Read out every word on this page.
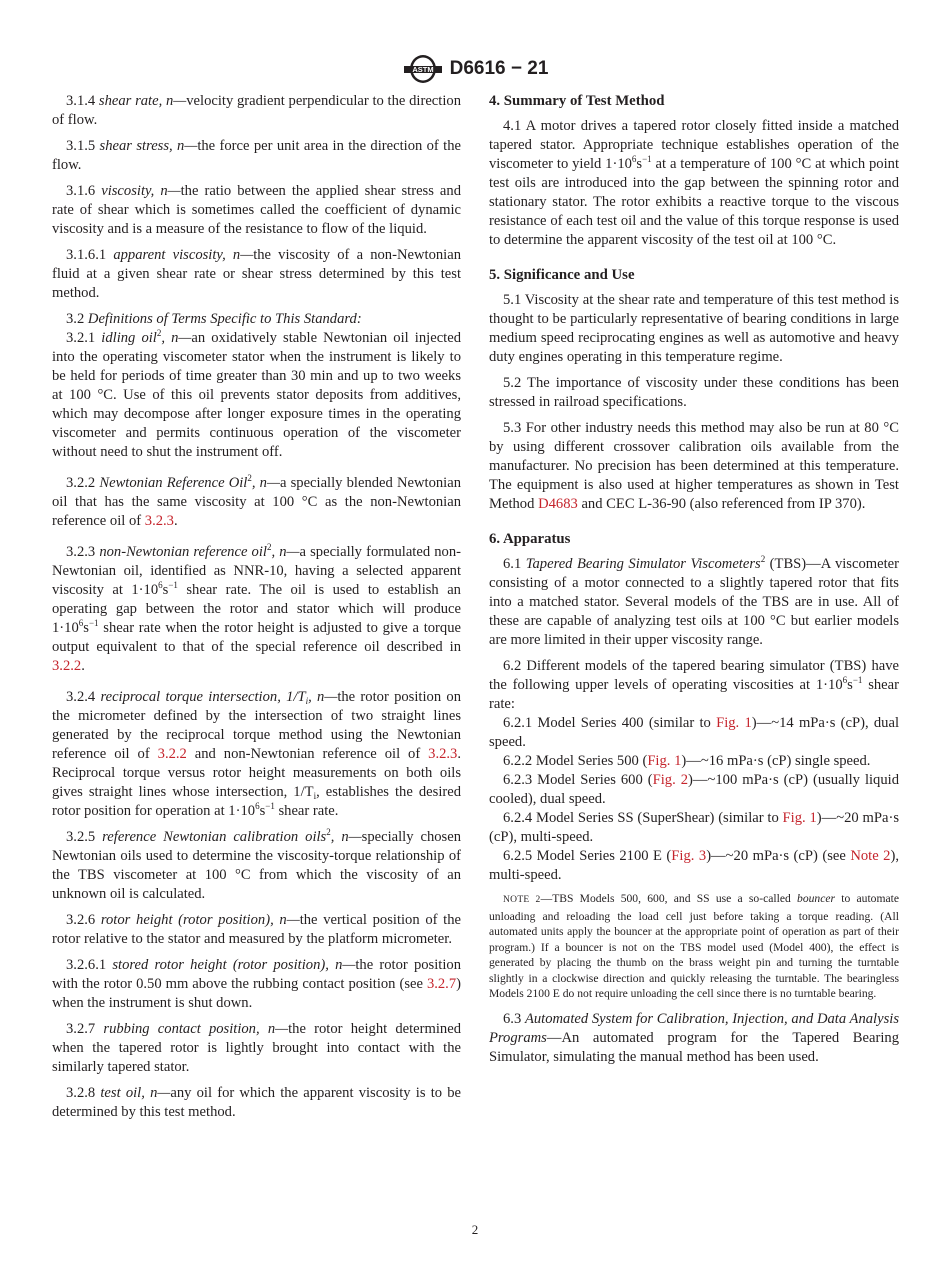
ASTM D6616 − 21

3.1.4 shear rate, n—velocity gradient perpendicular to the direction of flow.

3.1.5 shear stress, n—the force per unit area in the direction of the flow.

3.1.6 viscosity, n—the ratio between the applied shear stress and rate of shear which is sometimes called the coefficient of dynamic viscosity and is a measure of the resistance to flow of the liquid.

3.1.6.1 apparent viscosity, n—the viscosity of a non-Newtonian fluid at a given shear rate or shear stress determined by this test method.

3.2 Definitions of Terms Specific to This Standard:

3.2.1 idling oil$^2$, n—an oxidatively stable Newtonian oil injected into the operating viscometer stator when the instrument is likely to be held for periods of time greater than 30 min and up to two weeks at 100 °C. Use of this oil prevents stator deposits from additives, which may decompose after longer exposure times in the operating viscometer and permits continuous operation of the viscometer without need to shut the instrument off.

3.2.2 Newtonian Reference Oil$^2$, n—a specially blended Newtonian oil that has the same viscosity at 100 °C as the non-Newtonian reference oil of 3.2.3.

3.2.3 non-Newtonian reference oil$^2$, n—a specially formulated non-Newtonian oil, identified as NNR-10, having a selected apparent viscosity at $1\cdot 10^6s^{-1}$ shear rate. The oil is used to establish an operating gap between the rotor and stator which will produce $1\cdot 10^6s^{-1}$ shear rate when the rotor height is adjusted to give a torque output equivalent to that of the special reference oil described in 3.2.2.

3.2.4 reciprocal torque intersection, $1/T_i$, n—the rotor position on the micrometer defined by the intersection of two straight lines generated by the reciprocal torque method using the Newtonian reference oil of 3.2.2 and non-Newtonian reference oil of 3.2.3. Reciprocal torque versus rotor height measurements on both oils gives straight lines whose intersection, $1/T_i$, establishes the desired rotor position for operation at $1\cdot 10^6s^{-1}$ shear rate.

3.2.5 reference Newtonian calibration oils$^2$, n—specially chosen Newtonian oils used to determine the viscosity-torque relationship of the TBS viscometer at 100 °C from which the viscosity of an unknown oil is calculated.

3.2.6 rotor height (rotor position), n—the vertical position of the rotor relative to the stator and measured by the platform micrometer.

3.2.6.1 stored rotor height (rotor position), n—the rotor position with the rotor 0.50 mm above the rubbing contact position (see 3.2.7) when the instrument is shut down.

3.2.7 rubbing contact position, n—the rotor height determined when the tapered rotor is lightly brought into contact with the similarly tapered stator.

3.2.8 test oil, n—any oil for which the apparent viscosity is to be determined by this test method.

4. Summary of Test Method

4.1 A motor drives a tapered rotor closely fitted inside a matched tapered stator. Appropriate technique establishes operation of the viscometer to yield $1\cdot 10^6s^{-1}$ at a temperature of 100 °C at which point test oils are introduced into the gap between the spinning rotor and stationary stator. The rotor exhibits a reactive torque to the viscous resistance of each test oil and the value of this torque response is used to determine the apparent viscosity of the test oil at 100 °C.

5. Significance and Use

5.1 Viscosity at the shear rate and temperature of this test method is thought to be particularly representative of bearing conditions in large medium speed reciprocating engines as well as automotive and heavy duty engines operating in this temperature regime.

5.2 The importance of viscosity under these conditions has been stressed in railroad specifications.

5.3 For other industry needs this method may also be run at 80 °C by using different crossover calibration oils available from the manufacturer. No precision has been determined at this temperature. The equipment is also used at higher temperatures as shown in Test Method D4683 and CEC L-36-90 (also referenced from IP 370).

6. Apparatus

6.1 Tapered Bearing Simulator Viscometers$^2$ (TBS)—A viscometer consisting of a motor connected to a slightly tapered rotor that fits into a matched stator. Several models of the TBS are in use. All of these are capable of analyzing test oils at 100 °C but earlier models are more limited in their upper viscosity range.

6.2 Different models of the tapered bearing simulator (TBS) have the following upper levels of operating viscosities at $1\cdot 10^6s^{-1}$ shear rate:

6.2.1 Model Series 400 (similar to Fig. 1)—~14 mPa·s (cP), dual speed.

6.2.2 Model Series 500 (Fig. 1)—~16 mPa·s (cP) single speed.

6.2.3 Model Series 600 (Fig. 2)—~100 mPa·s (cP) (usually liquid cooled), dual speed.

6.2.4 Model Series SS (SuperShear) (similar to Fig. 1)—~20 mPa·s (cP), multi-speed.

6.2.5 Model Series 2100 E (Fig. 3)—~20 mPa·s (cP) (see Note 2), multi-speed.

NOTE 2—TBS Models 500, 600, and SS use a so-called bouncer to automate unloading and reloading the load cell just before taking a torque reading. (All automated units apply the bouncer at the appropriate point of operation as part of their program.) If a bouncer is not on the TBS model used (Model 400), the effect is generated by placing the thumb on the brass weight pin and turning the turntable slightly in a clockwise direction and quickly releasing the turntable. The bearingless Models 2100 E do not require unloading the cell since there is no turntable bearing.

6.3 Automated System for Calibration, Injection, and Data Analysis Programs—An automated program for the Tapered Bearing Simulator, simulating the manual method has been used.

2
